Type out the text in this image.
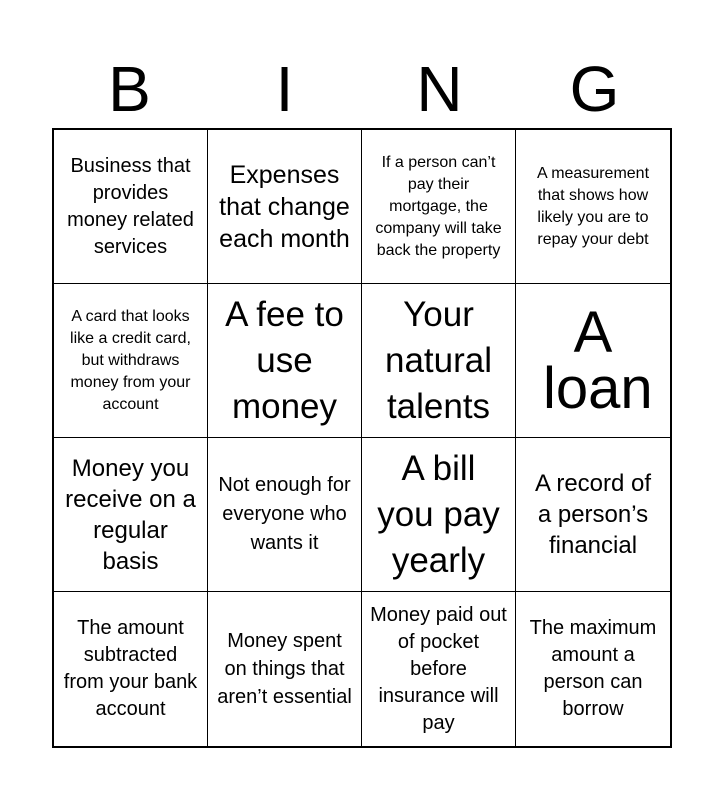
B	I	N	G
Business that provides money related services
Expenses that change each month
If a person can’t pay their mortgage, the company will take back the property
A measurement that shows how likely you are to repay your debt
A card that looks like a credit card, but withdraws money from your account
A fee to use money
Your natural talents
A loan
Money you receive on a regular basis
Not enough for everyone who wants it
A bill you pay yearly
A record of a person’s financial
The amount subtracted from your bank account
Money spent on things that aren’t essential
Money paid out of pocket before insurance will pay
The maximum amount a person can borrow
